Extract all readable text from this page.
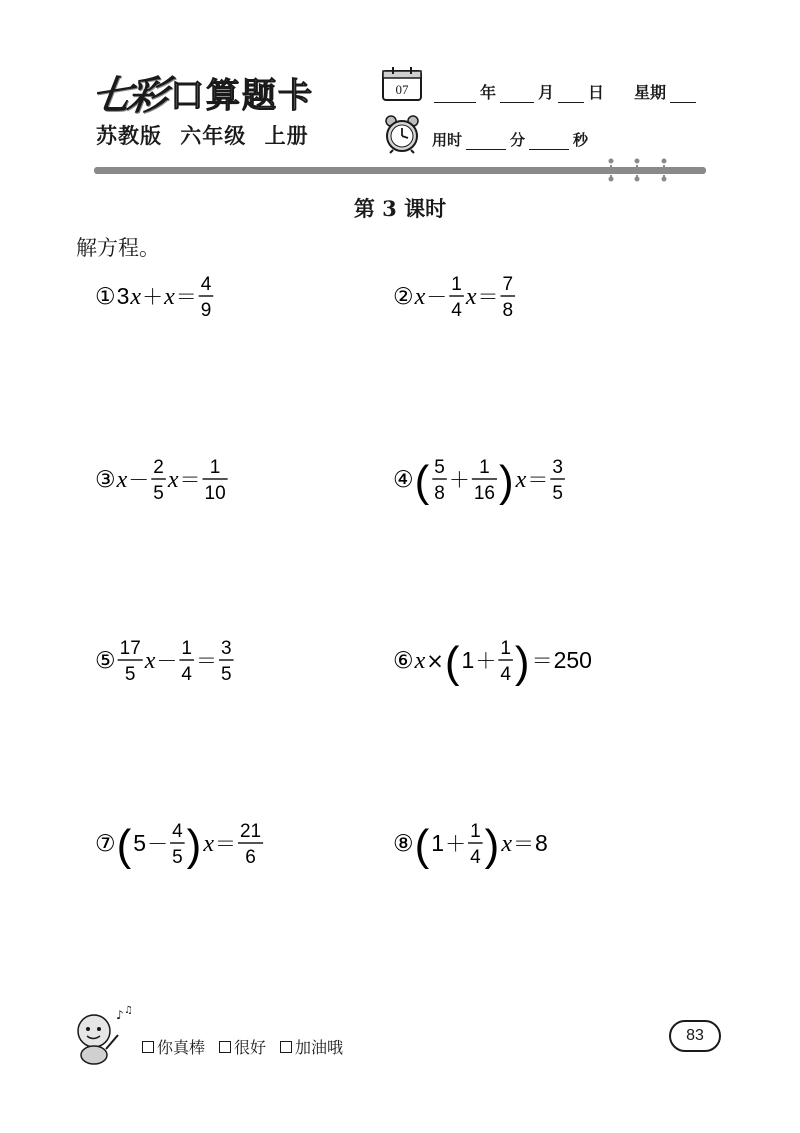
七彩 口算题卡
苏教版 六年级 上册
07	年	月 日 星期
用时	分	秒
第 3 课时
解方程。
① 3 x ＋ x ＝
4
9
② x －
1
4
x ＝
7
8
③ x －
2
5
x ＝
1
10
④ ( 5
8
＋
1
16 ) x ＝
3
5
⑤ 17
5
x －
1
4
＝
3
5
⑥ x × ( 1 ＋
1
4 ) ＝ 250
⑦ ( 5 －
4
5 ) x ＝
21
6
⑧ ( 1 ＋
1
4 ) x ＝ 8
♪ ♫
你真棒 很好 加油哦
83
